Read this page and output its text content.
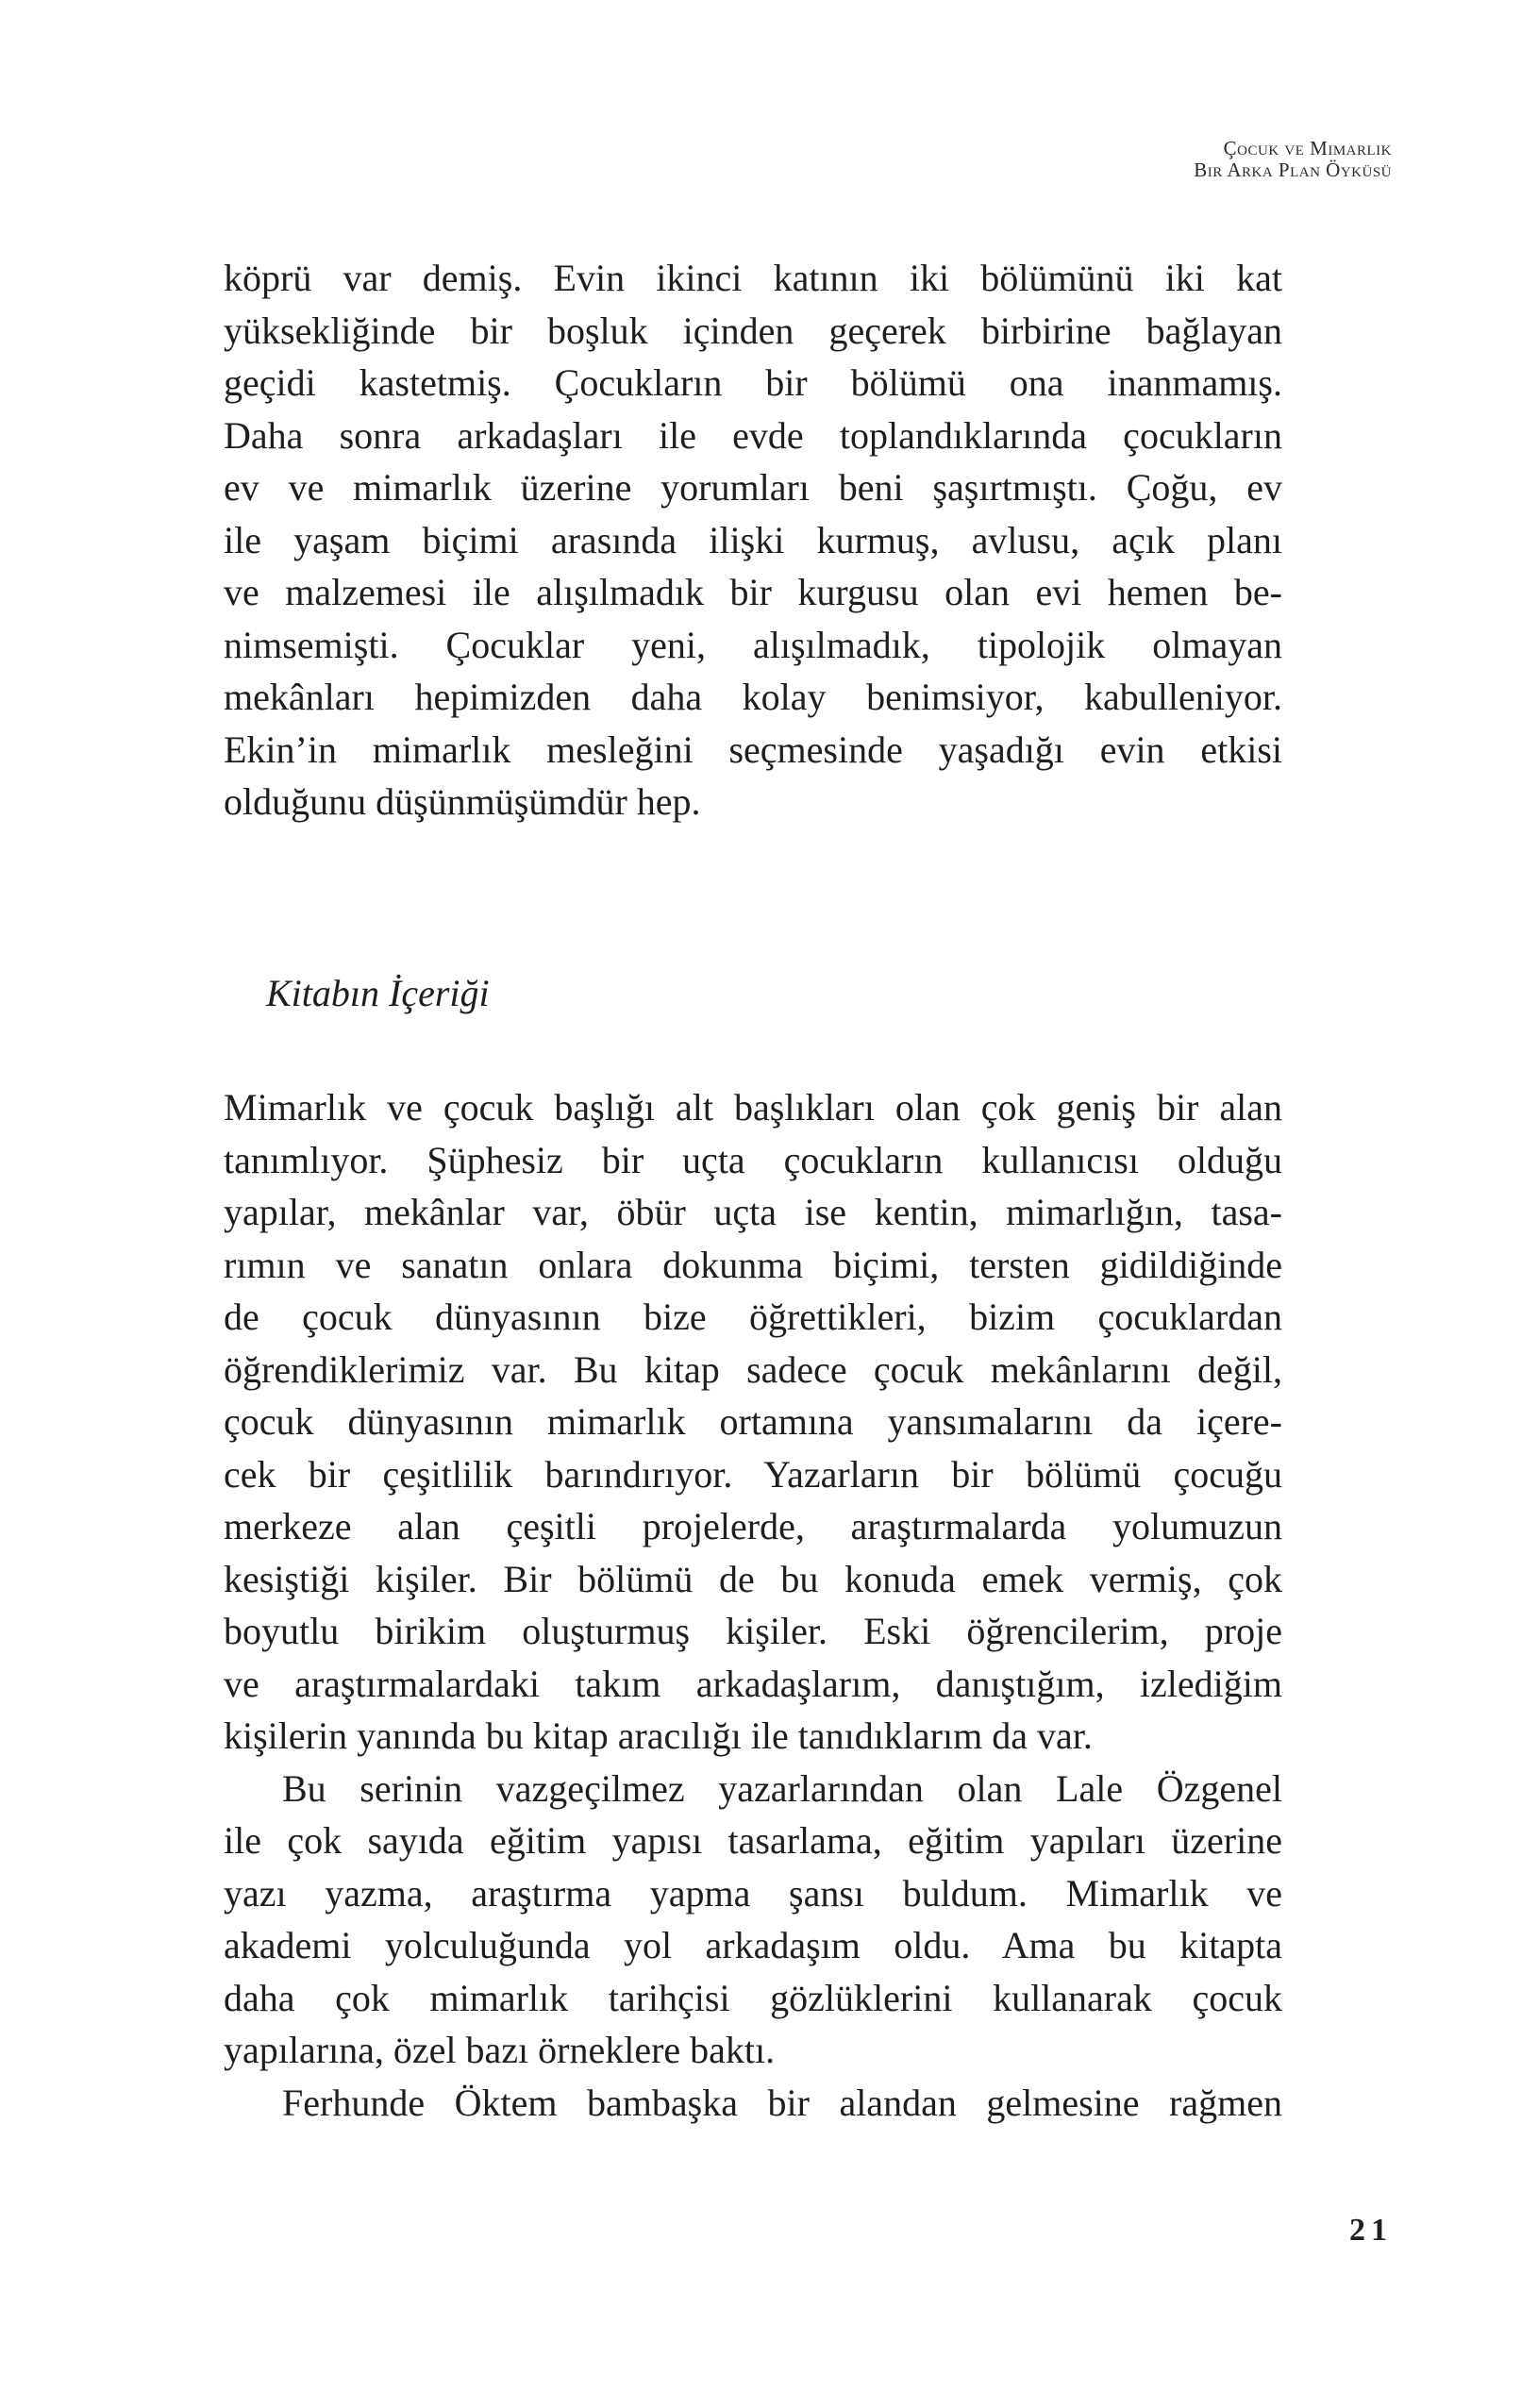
Çocuk ve Mimarlık
Bir Arka Plan Öyküsü
köprü var demiş. Evin ikinci katının iki bölümünü iki kat
yüksekliğinde bir boşluk içinden geçerek birbirine bağlayan
geçidi kastetmiş. Çocukların bir bölümü ona inanmamış.
Daha sonra arkadaşları ile evde toplandıklarında çocukların
ev ve mimarlık üzerine yorumları beni şaşırtmıştı. Çoğu, ev
ile yaşam biçimi arasında ilişki kurmuş, avlusu, açık planı
ve malzemesi ile alışılmadık bir kurgusu olan evi hemen be-
nimsemişti. Çocuklar yeni, alışılmadık, tipolojik olmayan
mekânları hepimizden daha kolay benimsiyor, kabulleniyor.
Ekin’in mimarlık mesleğini seçmesinde yaşadığı evin etkisi
olduğunu düşünmüşümdür hep.
Kitabın İçeriği
Mimarlık ve çocuk başlığı alt başlıkları olan çok geniş bir alan
tanımlıyor. Şüphesiz bir uçta çocukların kullanıcısı olduğu
yapılar, mekânlar var, öbür uçta ise kentin, mimarlığın, tasa-
rımın ve sanatın onlara dokunma biçimi, tersten gidildiğinde
de çocuk dünyasının bize öğrettikleri, bizim çocuklardan
öğrendiklerimiz var. Bu kitap sadece çocuk mekânlarını değil,
çocuk dünyasının mimarlık ortamına yansımalarını da içere-
cek bir çeşitlilik barındırıyor. Yazarların bir bölümü çocuğu
merkeze alan çeşitli projelerde, araştırmalarda yolumuzun
kesiştiği kişiler. Bir bölümü de bu konuda emek vermiş, çok
boyutlu birikim oluşturmuş kişiler. Eski öğrencilerim, proje
ve araştırmalardaki takım arkadaşlarım, danıştığım, izlediğim
kişilerin yanında bu kitap aracılığı ile tanıdıklarım da var.
Bu serinin vazgeçilmez yazarlarından olan Lale Özgenel
ile çok sayıda eğitim yapısı tasarlama, eğitim yapıları üzerine
yazı yazma, araştırma yapma şansı buldum. Mimarlık ve
akademi yolculuğunda yol arkadaşım oldu. Ama bu kitapta
daha çok mimarlık tarihçisi gözlüklerini kullanarak çocuk
yapılarına, özel bazı örneklere baktı.
Ferhunde Öktem bambaşka bir alandan gelmesine rağmen
21
